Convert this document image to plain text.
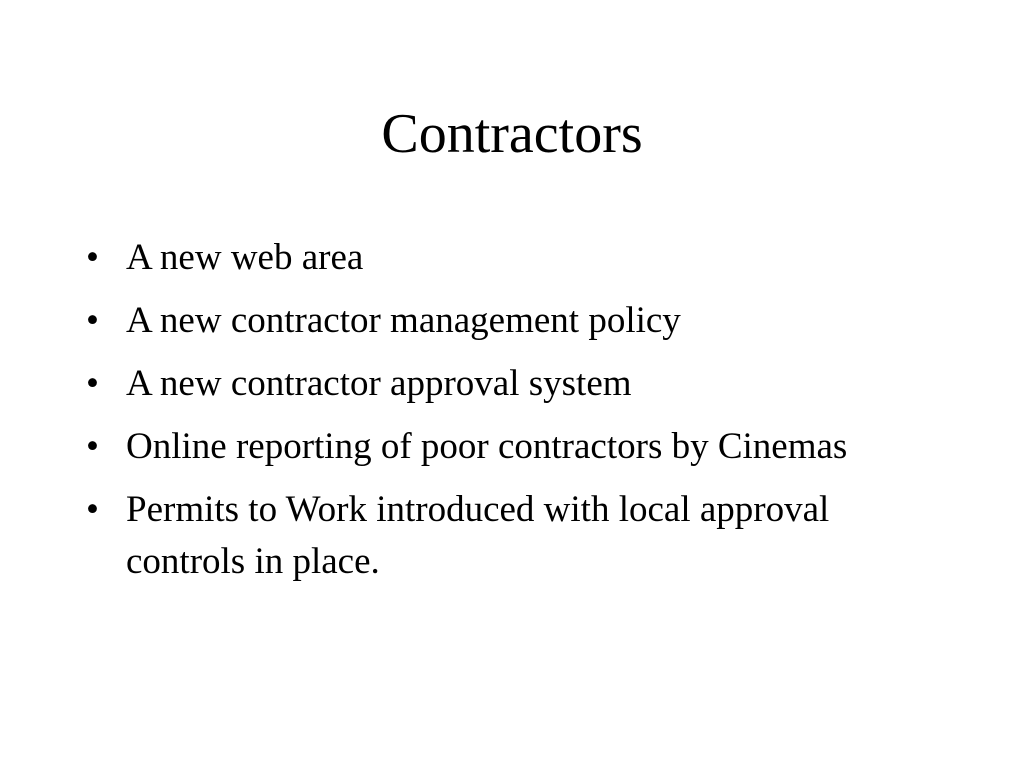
Contractors
• A new web area
• A new contractor management policy
• A new contractor approval system
• Online reporting of poor contractors by Cinemas
• Permits to Work introduced with local approval controls in place.
